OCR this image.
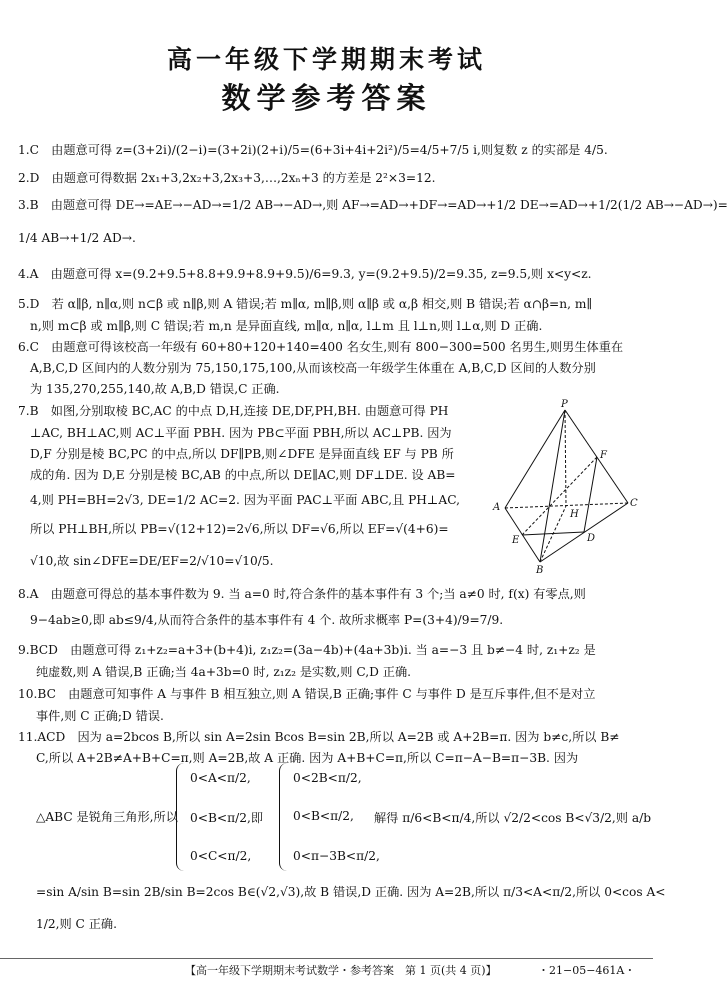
高一年级下学期期末考试
数学参考答案
1.C　由题意可得 z=(3+2i)/(2−i)=(3+2i)(2+i)/5=(6+3i+4i+2i²)/5=4/5+7/5 i,则复数 z 的实部是 4/5.
2.D　由题意可得数据 2x₁+3,2x₂+3,2x₃+3,…,2xₙ+3 的方差是 2²×3=12.
3.B　由题意可得 DE→=AE→−AD→=1/2 AB→−AD→,则 AF→=AD→+DF→=AD→+1/2 DE→=AD→+1/2(1/2 AB→−AD→)=
1/4 AB→+1/2 AD→.
4.A　由题意可得 x=(9.2+9.5+8.8+9.9+8.9+9.5)/6=9.3, y=(9.2+9.5)/2=9.35, z=9.5,则 x<y<z.
5.D　若 α∥β, n∥α,则 n⊂β 或 n∥β,则 A 错误;若 m∥α, m∥β,则 α∥β 或 α,β 相交,则 B 错误;若 α∩β=n, m∥
n,则 m⊂β 或 m∥β,则 C 错误;若 m,n 是异面直线, m∥α, n∥α, l⊥m 且 l⊥n,则 l⊥α,则 D 正确.
6.C　由题意可得该校高一年级有 60+80+120+140=400 名女生,则有 800−300=500 名男生,则男生体重在
A,B,C,D 区间内的人数分别为 75,150,175,100,从而该校高一年级学生体重在 A,B,C,D 区间的人数分别
为 135,270,255,140,故 A,B,D 错误,C 正确.
7.B　如图,分别取棱 BC,AC 的中点 D,H,连接 DE,DF,PH,BH. 由题意可得 PH
⊥AC, BH⊥AC,则 AC⊥平面 PBH. 因为 PB⊂平面 PBH,所以 AC⊥PB. 因为
D,F 分别是棱 BC,PC 的中点,所以 DF∥PB,则∠DFE 是异面直线 EF 与 PB 所
成的角. 因为 D,E 分别是棱 BC,AB 的中点,所以 DE∥AC,则 DF⊥DE. 设 AB=
4,则 PH=BH=2√3, DE=1/2 AC=2. 因为平面 PAC⊥平面 ABC,且 PH⊥AC,
所以 PH⊥BH,所以 PB=√(12+12)=2√6,所以 DF=√6,所以 EF=√(4+6)=
√10,故 sin∠DFE=DE/EF=2/√10=√10/5.
P
A
B
C
D
E
F
H
8.A　由题意可得总的基本事件数为 9. 当 a=0 时,符合条件的基本事件有 3 个;当 a≠0 时, f(x) 有零点,则
9−4ab≥0,即 ab≤9/4,从而符合条件的基本事件有 4 个. 故所求概率 P=(3+4)/9=7/9.
9.BCD　由题意可得 z₁+z₂=a+3+(b+4)i, z₁z₂=(3a−4b)+(4a+3b)i. 当 a=−3 且 b≠−4 时, z₁+z₂ 是
纯虚数,则 A 错误,B 正确;当 4a+3b=0 时, z₁z₂ 是实数,则 C,D 正确.
10.BC　由题意可知事件 A 与事件 B 相互独立,则 A 错误,B 正确;事件 C 与事件 D 是互斥事件,但不是对立
事件,则 C 正确;D 错误.
11.ACD　因为 a=2bcos B,所以 sin A=2sin Bcos B=sin 2B,所以 A=2B 或 A+2B=π. 因为 b≠c,所以 B≠
C,所以 A+2B≠A+B+C=π,则 A=2B,故 A 正确. 因为 A+B+C=π,所以 C=π−A−B=π−3B. 因为
△ABC 是锐角三角形,所以
0<A<π/2,
0<B<π/2,即
0<C<π/2,
0<2B<π/2,
0<B<π/2,
0<π−3B<π/2,
解得 π/6<B<π/4,所以 √2/2<cos B<√3/2,则 a/b
=sin A/sin B=sin 2B/sin B=2cos B∈(√2,√3),故 B 错误,D 正确. 因为 A=2B,所以 π/3<A<π/2,所以 0<cos A<
1/2,则 C 正确.
【高一年级下学期期末考试数学・参考答案　第 1 页(共 4 页)】	・21−05−461A・
